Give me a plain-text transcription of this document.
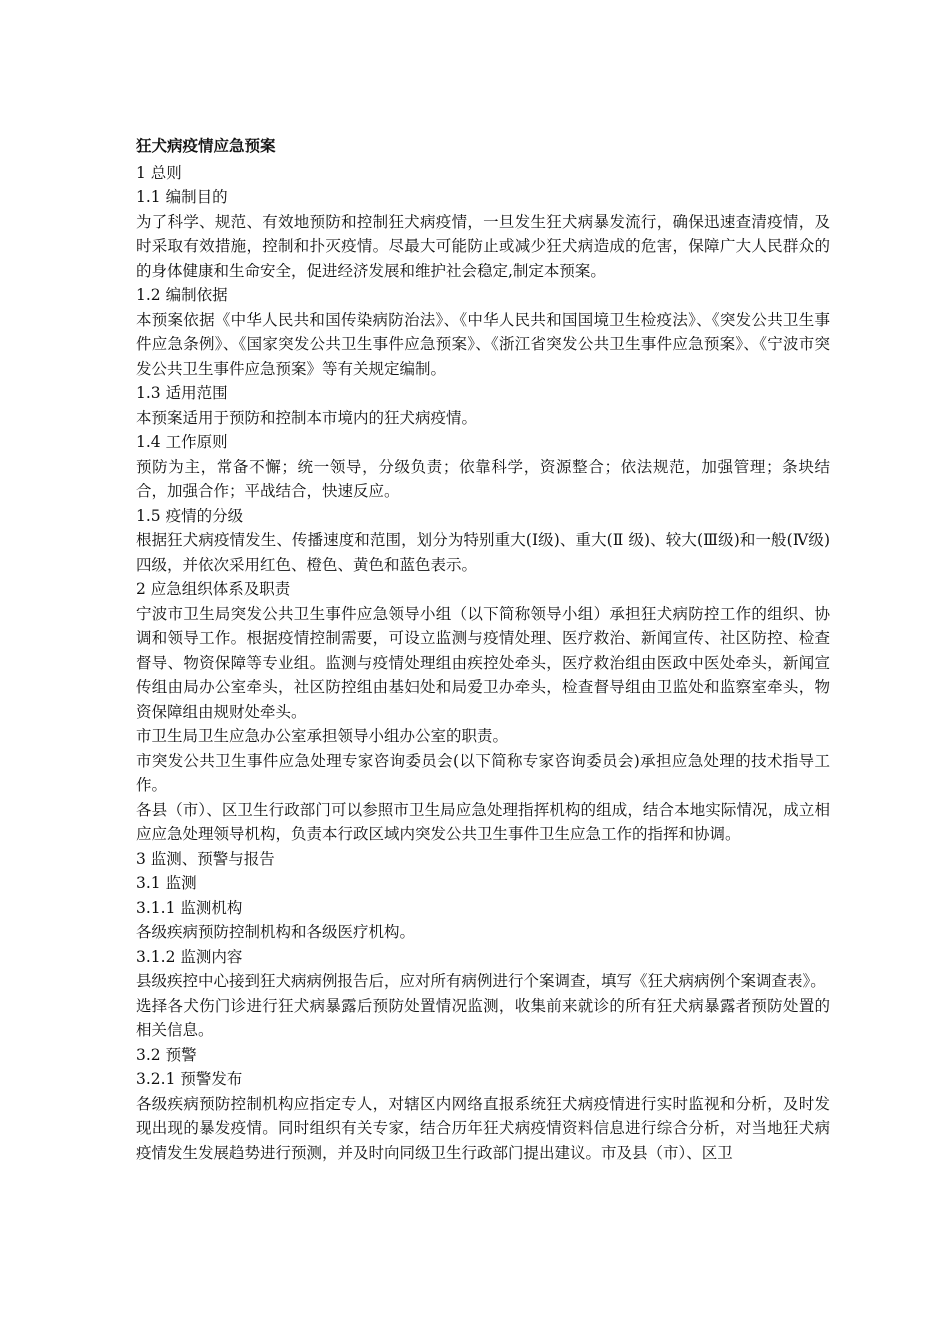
狂犬病疫情应急预案

1 总则

1.1 编制目的

为了科学、规范、有效地预防和控制狂犬病疫情，一旦发生狂犬病暴发流行，确保迅速查清疫情，及时采取有效措施，控制和扑灭疫情。尽最大可能防止或减少狂犬病造成的危害，保障广大人民群众的的身体健康和生命安全，促进经济发展和维护社会稳定,制定本预案。

1.2 编制依据

本预案依据《中华人民共和国传染病防治法》、《中华人民共和国国境卫生检疫法》、《突发公共卫生事件应急条例》、《国家突发公共卫生事件应急预案》、《浙江省突发公共卫生事件应急预案》、《宁波市突发公共卫生事件应急预案》等有关规定编制。

1.3 适用范围

本预案适用于预防和控制本市境内的狂犬病疫情。

1.4 工作原则

预防为主，常备不懈；统一领导，分级负责；依靠科学，资源整合；依法规范，加强管理；条块结合，加强合作；平战结合，快速反应。

1.5 疫情的分级

根据狂犬病疫情发生、传播速度和范围，划分为特别重大(Ⅰ级)、重大(Ⅱ 级)、较大(Ⅲ级)和一般(Ⅳ级)四级，并依次采用红色、橙色、黄色和蓝色表示。

2 应急组织体系及职责

宁波市卫生局突发公共卫生事件应急领导小组（以下简称领导小组）承担狂犬病防控工作的组织、协调和领导工作。根据疫情控制需要，可设立监测与疫情处理、医疗救治、新闻宣传、社区防控、检查督导、物资保障等专业组。监测与疫情处理组由疾控处牵头，医疗救治组由医政中医处牵头，新闻宣传组由局办公室牵头，社区防控组由基妇处和局爱卫办牵头，检查督导组由卫监处和监察室牵头，物资保障组由规财处牵头。

市卫生局卫生应急办公室承担领导小组办公室的职责。

市突发公共卫生事件应急处理专家咨询委员会(以下简称专家咨询委员会)承担应急处理的技术指导工作。

各县（市）、区卫生行政部门可以参照市卫生局应急处理指挥机构的组成，结合本地实际情况，成立相应应急处理领导机构，负责本行政区域内突发公共卫生事件卫生应急工作的指挥和协调。

3 监测、预警与报告

3.1 监测

3.1.1 监测机构

各级疾病预防控制机构和各级医疗机构。

3.1.2 监测内容

县级疾控中心接到狂犬病病例报告后，应对所有病例进行个案调查，填写《狂犬病病例个案调查表》。

选择各犬伤门诊进行狂犬病暴露后预防处置情况监测，收集前来就诊的所有狂犬病暴露者预防处置的相关信息。

3.2 预警

3.2.1 预警发布

各级疾病预防控制机构应指定专人，对辖区内网络直报系统狂犬病疫情进行实时监视和分析，及时发现出现的暴发疫情。同时组织有关专家，结合历年狂犬病疫情资料信息进行综合分析，对当地狂犬病疫情发生发展趋势进行预测，并及时向同级卫生行政部门提出建议。市及县（市）、区卫
